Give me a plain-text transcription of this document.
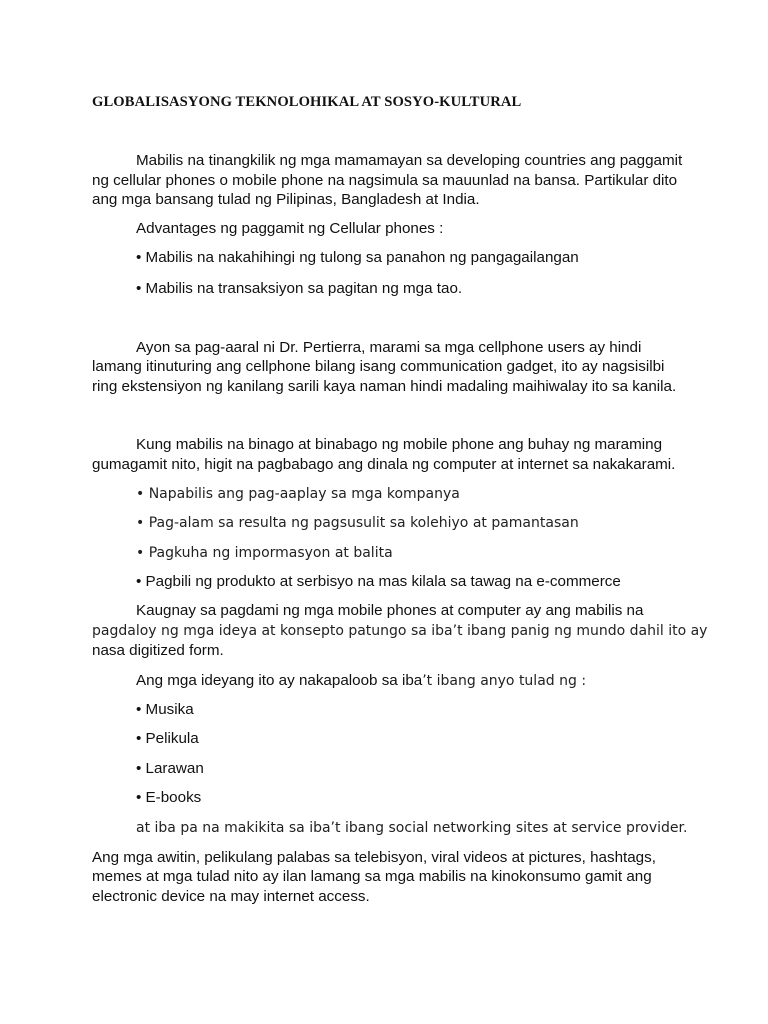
GLOBALISASYONG TEKNOLOHIKAL AT SOSYO-KULTURAL

Mabilis na tinangkilik ng mga mamamayan sa developing countries ang paggamit

ng cellular phones o mobile phone na nagsimula sa mauunlad na bansa. Partikular dito

ang mga bansang tulad ng Pilipinas, Bangladesh at India.

Advantages ng paggamit ng Cellular phones :

• Mabilis na nakahihingi ng tulong sa panahon ng pangagailangan

• Mabilis na transaksiyon sa pagitan ng mga tao.

Ayon sa pag-aaral ni Dr. Pertierra, marami sa mga cellphone users ay hindi

lamang itinuturing ang cellphone bilang isang communication gadget, ito ay nagsisilbi

ring ekstensiyon ng kanilang sarili kaya naman hindi madaling maihiwalay ito sa kanila.

Kung mabilis na binago at binabago ng mobile phone ang buhay ng maraming

gumagamit nito, higit na pagbabago ang dinala ng computer at internet sa nakakarami.

• Napabilis ang pag-aaplay sa mga kompanya

• Pag-alam sa resulta ng pagsusulit sa kolehiyo at pamantasan

• Pagkuha ng impormasyon at balita

• Pagbili ng produkto at serbisyo na mas kilala sa tawag na e-commerce

Kaugnay sa pagdami ng mga mobile phones at computer ay ang mabilis na

pagdaloy ng mga ideya at konsepto patungo sa iba’t ibang panig ng mundo dahil ito ay

nasa digitized form.

Ang mga ideyang ito ay nakapaloob sa iba’t ibang anyo tulad ng :

• Musika

• Pelikula

• Larawan

• E-books

at iba pa na makikita sa iba’t ibang social networking sites at service provider.

Ang mga awitin, pelikulang palabas sa telebisyon, viral videos at pictures, hashtags,

memes at mga tulad nito ay ilan lamang sa mga mabilis na kinokonsumo gamit ang

electronic device na may internet access.
